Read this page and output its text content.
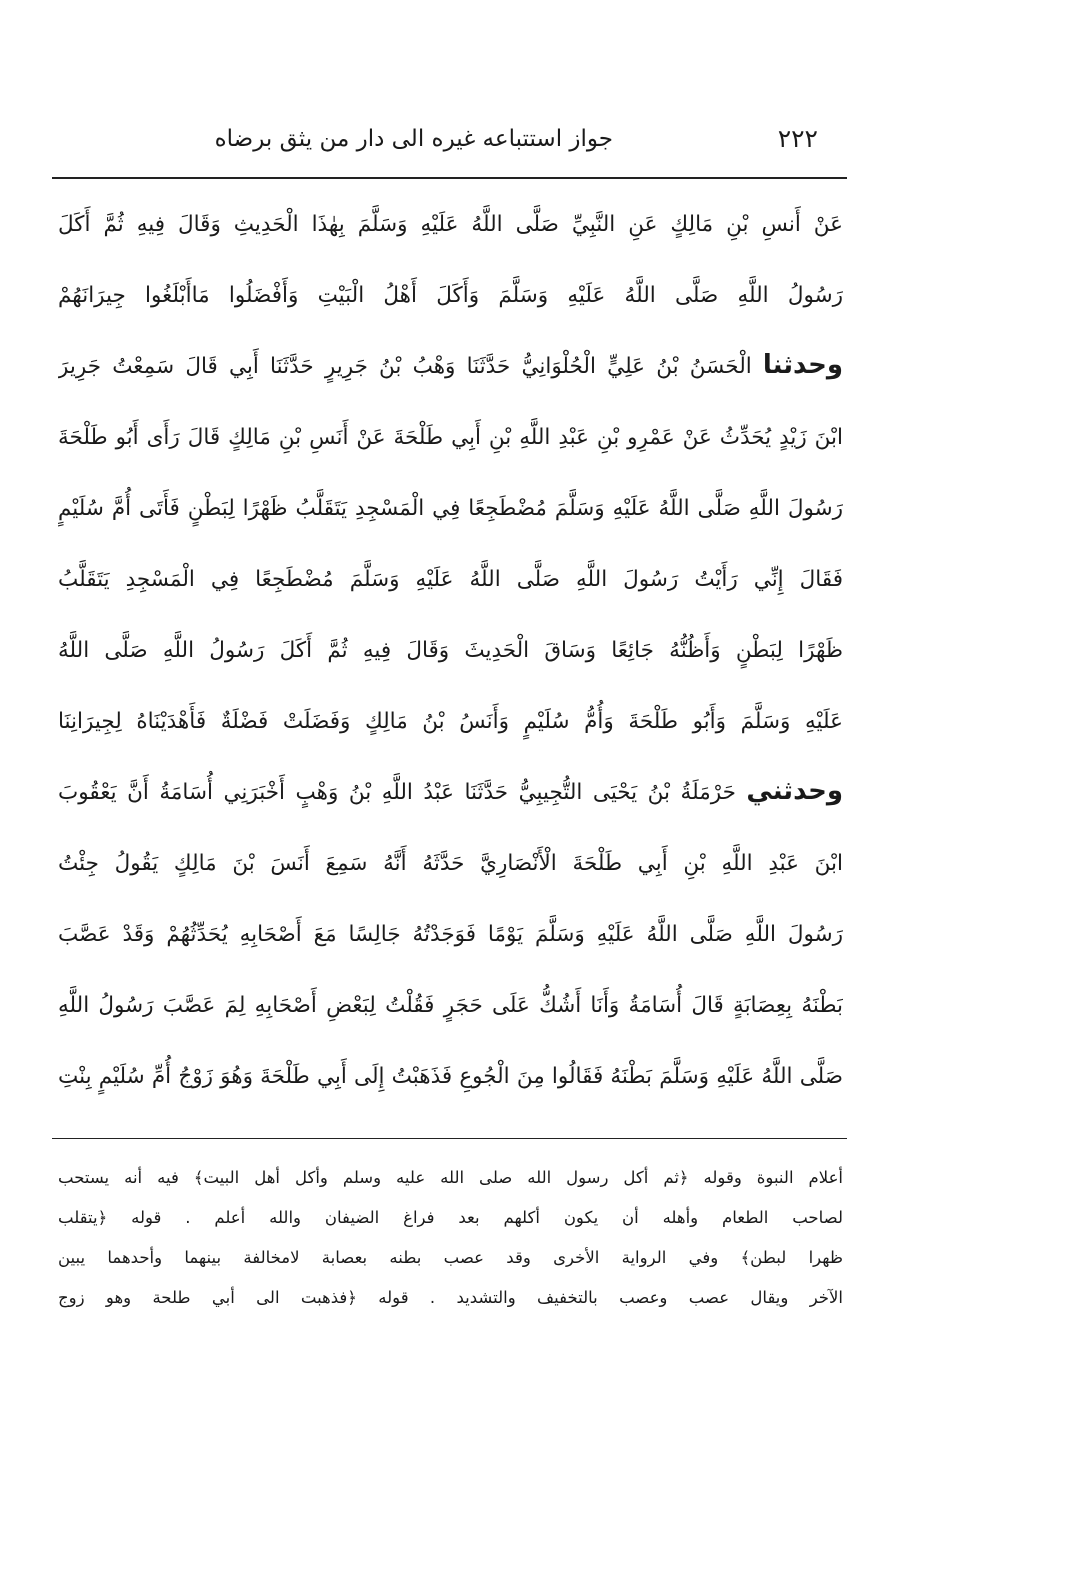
٢٢٢
جواز استتباعه غيره الى دار من يثق برضاه
عَنْ أَنسِ بْنِ مَالِكٍ عَنِ النَّبِيِّ صَلَّى اللَّهُ عَلَيْهِ وَسَلَّمَ بِهٰذَا الْحَدِيثِ وَقَالَ فِيهِ ثُمَّ أَكَلَ
رَسُولُ اللَّهِ صَلَّى اللَّهُ عَلَيْهِ وَسَلَّمَ وَأَكَلَ أَهْلُ الْبَيْتِ وَأَفْضَلُوا مَاأَبْلَغُوا جِيرَانَهُمْ
وحدثنا الْحَسَنُ بْنُ عَلِيٍّ الْحُلْوَانِيُّ حَدَّثَنَا وَهْبُ بْنُ جَرِيرٍ حَدَّثَنَا أَبِي قَالَ سَمِعْتُ جَرِيرَ
ابْنَ زَيْدٍ يُحَدِّثُ عَنْ عَمْرِو بْنِ عَبْدِ اللَّهِ بْنِ أَبِي طَلْحَةَ عَنْ أَنَسِ بْنِ مَالِكٍ قَالَ رَأَى أَبُو طَلْحَةَ
رَسُولَ اللَّهِ صَلَّى اللَّهُ عَلَيْهِ وَسَلَّمَ مُضْطَجِعًا فِي الْمَسْجِدِ يَتَقَلَّبُ ظَهْرًا لِبَطْنٍ فَأَتَى أُمَّ سُلَيْمٍ
فَقَالَ إِنِّي رَأَيْتُ رَسُولَ اللَّهِ صَلَّى اللَّهُ عَلَيْهِ وَسَلَّمَ مُضْطَجِعًا فِي الْمَسْجِدِ يَتَقَلَّبُ
ظَهْرًا لِبَطْنٍ وَأَظُنُّهُ جَائِعًا وَسَاقَ الْحَدِيثَ وَقَالَ فِيهِ ثُمَّ أَكَلَ رَسُولُ اللَّهِ صَلَّى اللَّهُ
عَلَيْهِ وَسَلَّمَ وَأَبُو طَلْحَةَ وَأُمُّ سُلَيْمٍ وَأَنَسُ بْنُ مَالِكٍ وَفَضَلَتْ فَضْلَةٌ فَأَهْدَيْنَاهُ لِجِيرَانِنَا
وحدثني حَرْمَلَةُ بْنُ يَحْيَى التُّجِيبِيُّ حَدَّثَنَا عَبْدُ اللَّهِ بْنُ وَهْبٍ أَخْبَرَنِي أُسَامَةُ أَنَّ يَعْقُوبَ
ابْنَ عَبْدِ اللَّهِ بْنِ أَبِي طَلْحَةَ الْأَنْصَارِيَّ حَدَّثَهُ أَنَّهُ سَمِعَ أَنَسَ بْنَ مَالِكٍ يَقُولُ جِئْتُ
رَسُولَ اللَّهِ صَلَّى اللَّهُ عَلَيْهِ وَسَلَّمَ يَوْمًا فَوَجَدْتُهُ جَالِسًا مَعَ أَصْحَابِهِ يُحَدِّثُهُمْ وَقَدْ عَصَّبَ
بَطْنَهُ بِعِصَابَةٍ قَالَ أُسَامَةُ وَأَنَا أَشُكُّ عَلَى حَجَرٍ فَقُلْتُ لِبَعْضِ أَصْحَابِهِ لِمَ عَصَّبَ رَسُولُ اللَّهِ
صَلَّى اللَّهُ عَلَيْهِ وَسَلَّمَ بَطْنَهُ فَقَالُوا مِنَ الْجُوعِ فَذَهَبْتُ إِلَى أَبِي طَلْحَةَ وَهُوَ زَوْجُ أُمِّ سُلَيْمٍ بِنْتِ
أعلام النبوة وقوله ﴿ثم أكل رسول الله صلى الله عليه وسلم وأكل أهل البيت﴾ فيه أنه يستحب
لصاحب الطعام وأهله أن يكون أكلهم بعد فراغ الضيفان والله أعلم . قوله ﴿يتقلب
ظهرا لبطن﴾ وفي الرواية الأخرى وقد عصب بطنه بعصابة لامخالفة بينهما وأحدهما يبين
الآخر ويقال عصب وعصب بالتخفيف والتشديد . قوله ﴿فذهبت الى أبي طلحة وهو زوج
